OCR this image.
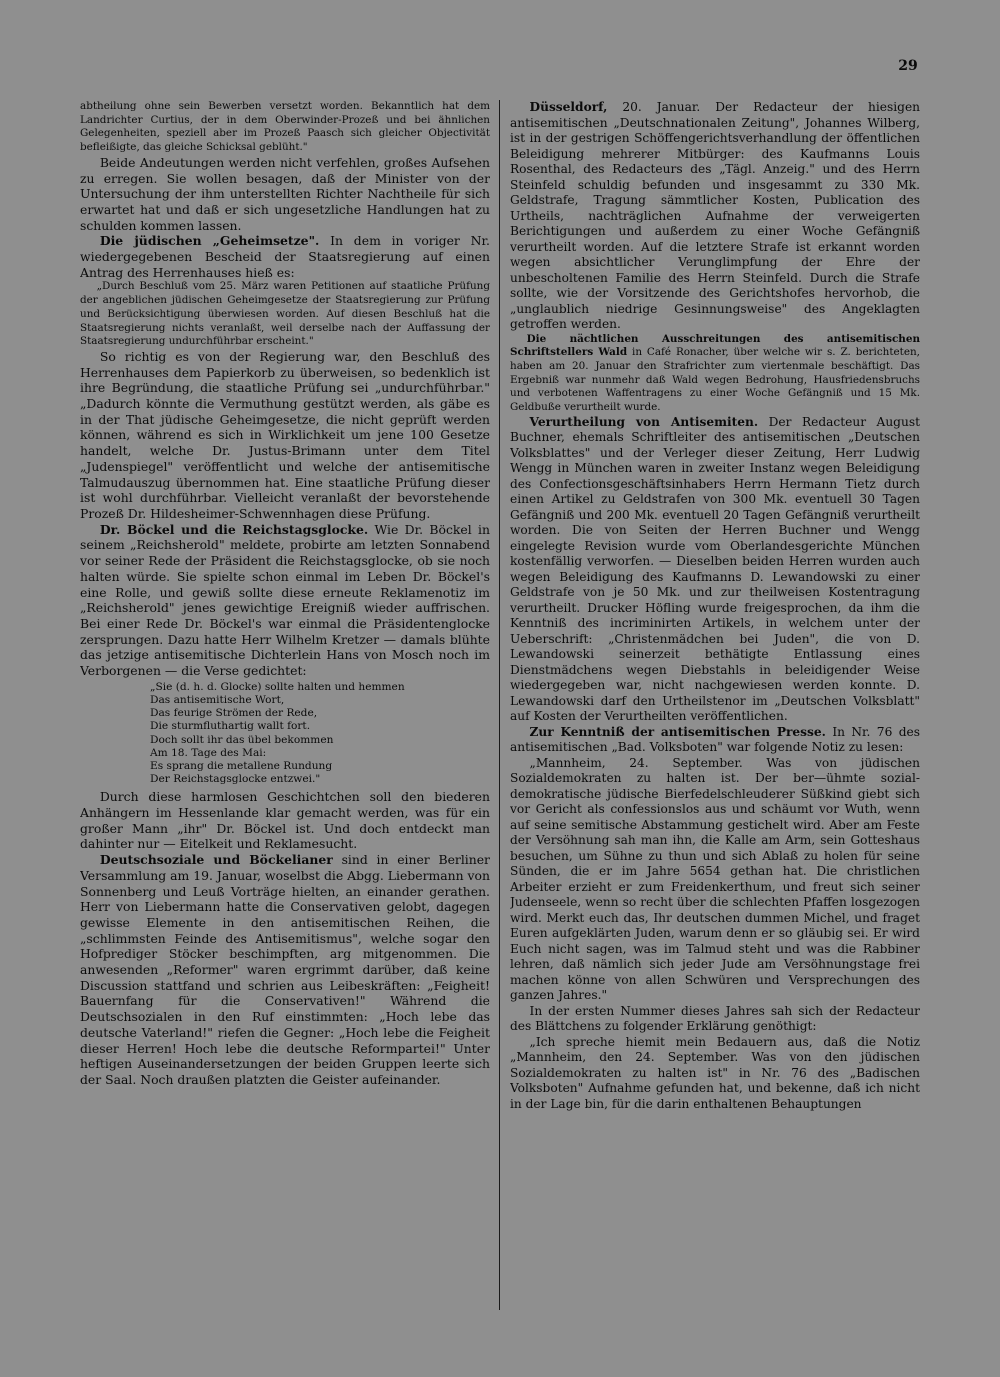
29

abtheilung ohne sein Bewerben versetzt worden. Bekanntlich hat dem Landrichter Curtius, der in dem Oberwinder-Prozeß und bei ähnlichen Gelegenheiten, speziell aber im Prozeß Paasch sich gleicher Objectivität befleißigte, das gleiche Schicksal geblüht."

Beide Andeutungen werden nicht verfehlen, großes Aufsehen zu erregen. Sie wollen besagen, daß der Minister von der Untersuchung der ihm unterstellten Richter Nachtheile für sich erwartet hat und daß er sich ungesetzliche Handlungen hat zu schulden kommen lassen.

Die jüdischen „Geheimsetze". In dem in voriger Nr. wiedergegebenen Bescheid der Staatsregierung auf einen Antrag des Herrenhauses hieß es:

„Durch Beschluß vom 25. März waren Petitionen auf staatliche Prüfung der angeblichen jüdischen Geheimgesetze der Staatsregierung zur Prüfung und Berücksichtigung überwiesen worden. Auf diesen Beschluß hat die Staatsregierung nichts veranlaßt, weil derselbe nach der Auffassung der Staatsregierung undurchführbar erscheint."

So richtig es von der Regierung war, den Beschluß des Herrenhauses dem Papierkorb zu überweisen, so bedenklich ist ihre Begründung, die staatliche Prüfung sei „undurchführbar." „Dadurch könnte die Vermuthung gestützt werden, als gäbe es in der That jüdische Geheimgesetze, die nicht geprüft werden können, während es sich in Wirklichkeit um jene 100 Gesetze handelt, welche Dr. Justus-Brimann unter dem Titel „Judenspiegel" veröffentlicht und welche der antisemitische Talmudauszug übernommen hat. Eine staatliche Prüfung dieser ist wohl durchführbar. Vielleicht veranlaßt der bevorstehende Prozeß Dr. Hildesheimer-Schwennhagen diese Prüfung.

Dr. Böckel und die Reichstagsglocke. Wie Dr. Böckel in seinem „Reichsherold" meldete, probirte am letzten Sonnabend vor seiner Rede der Präsident die Reichstagsglocke, ob sie noch halten würde. Sie spielte schon einmal im Leben Dr. Böckel's eine Rolle, und gewiß sollte diese erneute Reklamenotiz im „Reichsherold" jenes gewichtige Ereigniß wieder auffrischen. Bei einer Rede Dr. Böckel's war einmal die Präsidentenglocke zersprungen. Dazu hatte Herr Wilhelm Kretzer — damals blühte das jetzige antisemitische Dichterlein Hans von Mosch noch im Verborgenen — die Verse gedichtet:

„Sie (d. h. d. Glocke) sollte halten und hemmen
Das antisemitische Wort,
Das feurige Strömen der Rede,
Die sturmfluthartig wallt fort.
Doch sollt ihr das übel bekommen
Am 18. Tage des Mai:
Es sprang die metallene Rundung
Der Reichstagsglocke entzwei."

Durch diese harmlosen Geschichtchen soll den biederen Anhängern im Hessenlande klar gemacht werden, was für ein großer Mann „ihr" Dr. Böckel ist. Und doch entdeckt man dahinter nur — Eitelkeit und Reklamesucht.

Deutschsoziale und Böckelianer sind in einer Berliner Versammlung am 19. Januar, woselbst die Abgg. Liebermann von Sonnenberg und Leuß Vorträge hielten, an einander gerathen. Herr von Liebermann hatte die Conservativen gelobt, dagegen gewisse Elemente in den antisemitischen Reihen, die „schlimmsten Feinde des Antisemitismus", welche sogar den Hofprediger Stöcker beschimpften, arg mitgenommen. Die anwesenden „Reformer" waren ergrimmt darüber, daß keine Discussion stattfand und schrien aus Leibeskräften: „Feigheit! Bauernfang für die Conservativen!" Während die Deutschsozialen in den Ruf einstimmten: „Hoch lebe das deutsche Vaterland!" riefen die Gegner: „Hoch lebe die Feigheit dieser Herren! Hoch lebe die deutsche Reformpartei!" Unter heftigen Auseinandersetzungen der beiden Gruppen leerte sich der Saal. Noch draußen platzten die Geister aufeinander.

Düsseldorf, 20. Januar. Der Redacteur der hiesigen antisemitischen „Deutschnationalen Zeitung", Johannes Wilberg, ist in der gestrigen Schöffengerichtsverhandlung der öffentlichen Beleidigung mehrerer Mitbürger: des Kaufmanns Louis Rosenthal, des Redacteurs des „Tägl. Anzeig." und des Herrn Steinfeld schuldig befunden und insgesammt zu 330 Mk. Geldstrafe, Tragung sämmtlicher Kosten, Publication des Urtheils, nachträglichen Aufnahme der verweigerten Berichtigungen und außerdem zu einer Woche Gefängniß verurtheilt worden. Auf die letztere Strafe ist erkannt worden wegen absichtlicher Verunglimpfung der Ehre der unbescholtenen Familie des Herrn Steinfeld. Durch die Strafe sollte, wie der Vorsitzende des Gerichtshofes hervorhob, die „unglaublich niedrige Gesinnungsweise" des Angeklagten getroffen werden.

Die nächtlichen Ausschreitungen des antisemitischen Schriftstellers Wald in Café Ronacher, über welche wir s. Z. berichteten, haben am 20. Januar den Strafrichter zum viertenmale beschäftigt. Das Ergebniß war nunmehr daß Wald wegen Bedrohung, Hausfriedensbruchs und verbotenen Waffentragens zu einer Woche Gefängniß und 15 Mk. Geldbuße verurtheilt wurde.

Verurtheilung von Antisemiten. Der Redacteur August Buchner, ehemals Schriftleiter des antisemitischen „Deutschen Volksblattes" und der Verleger dieser Zeitung, Herr Ludwig Wengg in München waren in zweiter Instanz wegen Beleidigung des Confectionsgeschäftsinhabers Herrn Hermann Tietz durch einen Artikel zu Geldstrafen von 300 Mk. eventuell 30 Tagen Gefängniß und 200 Mk. eventuell 20 Tagen Gefängniß verurtheilt worden. Die von Seiten der Herren Buchner und Wengg eingelegte Revision wurde vom Oberlandesgerichte München kostenfällig verworfen. — Dieselben beiden Herren wurden auch wegen Beleidigung des Kaufmanns D. Lewandowski zu einer Geldstrafe von je 50 Mk. und zur theilweisen Kostentragung verurtheilt. Drucker Höfling wurde freigesprochen, da ihm die Kenntniß des incriminirten Artikels, in welchem unter der Ueberschrift: „Christenmädchen bei Juden", die von D. Lewandowski seinerzeit bethätigte Entlassung eines Dienstmädchens wegen Diebstahls in beleidigender Weise wiedergegeben war, nicht nachgewiesen werden konnte. D. Lewandowski darf den Urtheilstenor im „Deutschen Volksblatt" auf Kosten der Verurtheilten veröffentlichen.

Zur Kenntniß der antisemitischen Presse. In Nr. 76 des antisemitischen „Bad. Volksboten" war folgende Notiz zu lesen:

„Mannheim, 24. September. Was von jüdischen Sozialdemokraten zu halten ist. Der ber—ühmte sozial-demokratische jüdische Bierfedelschleuderer Süßkind giebt sich vor Gericht als confessionslos aus und schäumt vor Wuth, wenn auf seine semitische Abstammung gestichelt wird. Aber am Feste der Versöhnung sah man ihn, die Kalle am Arm, sein Gotteshaus besuchen, um Sühne zu thun und sich Ablaß zu holen für seine Sünden, die er im Jahre 5654 gethan hat. Die christlichen Arbeiter erzieht er zum Freidenkerthum, und freut sich seiner Judenseele, wenn so recht über die schlechten Pfaffen losgezogen wird. Merkt euch das, Ihr deutschen dummen Michel, und fraget Euren aufgeklärten Juden, warum denn er so gläubig sei. Er wird Euch nicht sagen, was im Talmud steht und was die Rabbiner lehren, daß nämlich sich jeder Jude am Versöhnungstage frei machen könne von allen Schwüren und Versprechungen des ganzen Jahres."

In der ersten Nummer dieses Jahres sah sich der Redacteur des Blättchens zu folgender Erklärung genöthigt:

„Ich spreche hiemit mein Bedauern aus, daß die Notiz „Mannheim, den 24. September. Was von den jüdischen Sozialdemokraten zu halten ist" in Nr. 76 des „Badischen Volksboten" Aufnahme gefunden hat, und bekenne, daß ich nicht in der Lage bin, für die darin enthaltenen Behauptungen
